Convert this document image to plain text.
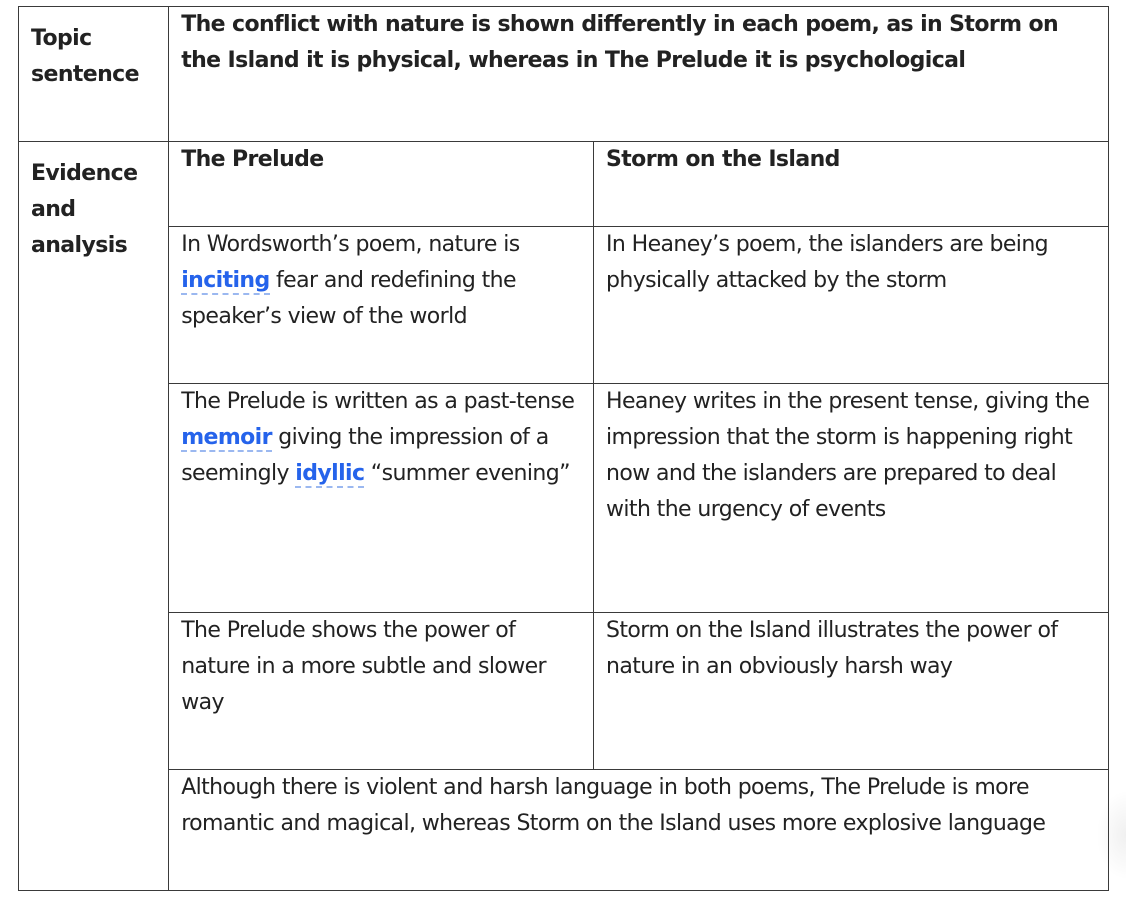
Topic sentence	The conflict with nature is shown differently in each poem, as in Storm on the Island it is physical, whereas in The Prelude it is psychological	
Evidence and analysis	The Prelude	Storm on the Island
	In Wordsworth’s poem, nature is inciting fear and redefining the speaker’s view of the world	In Heaney’s poem, the islanders are being physically attacked by the storm
	The Prelude is written as a past-tense memoir giving the impression of a seemingly idyllic “summer evening”	Heaney writes in the present tense, giving the impression that the storm is happening right now and the islanders are prepared to deal with the urgency of events
	The Prelude shows the power of nature in a more subtle and slower way	Storm on the Island illustrates the power of nature in an obviously harsh way
	Although there is violent and harsh language in both poems, The Prelude is more romantic and magical, whereas Storm on the Island uses more explosive language	
